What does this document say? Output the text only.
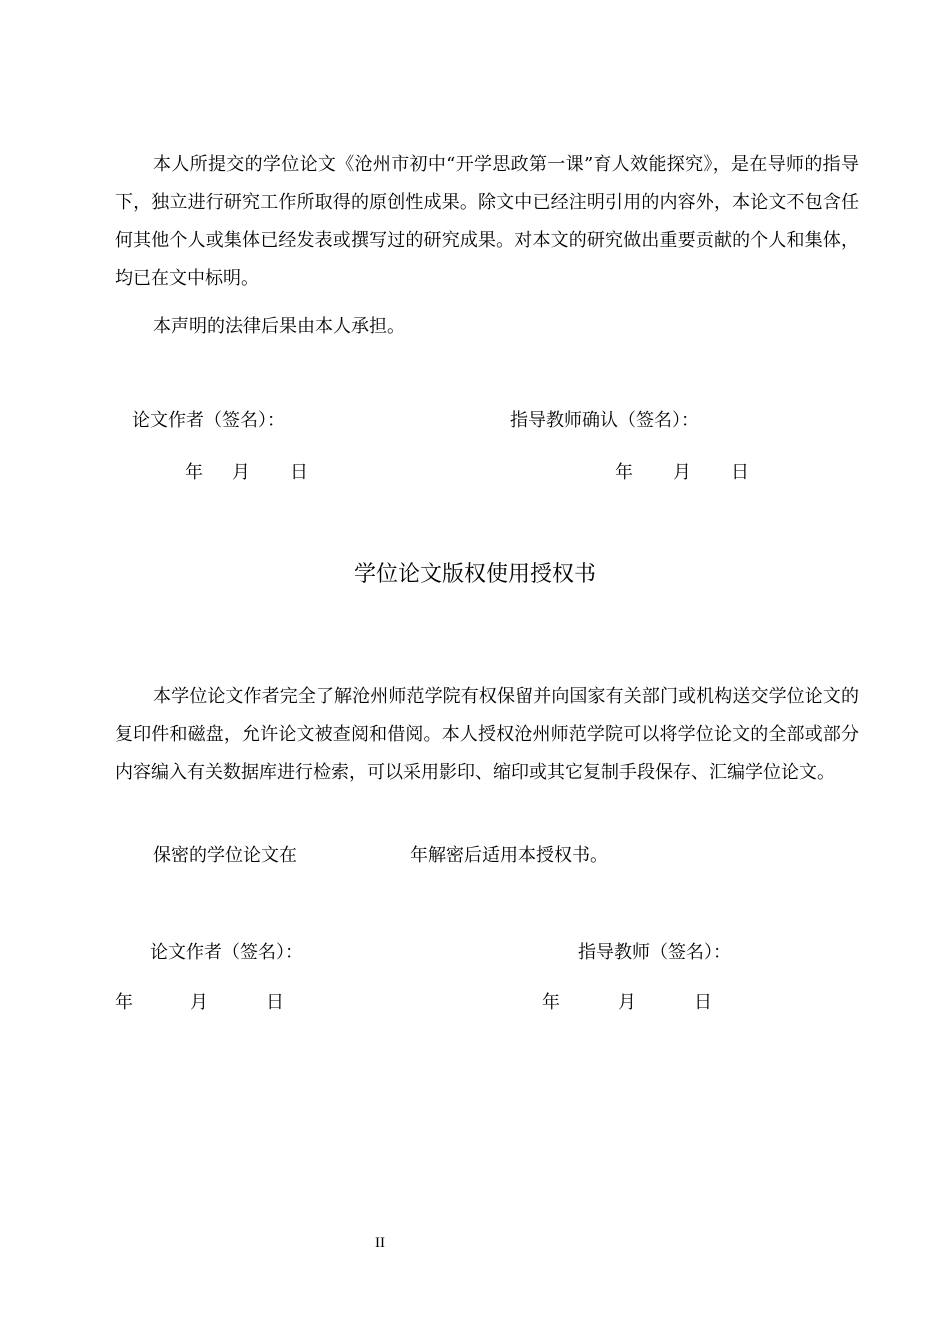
本人所提交的学位论文《沧州市初中“开学思政第一课”育人效能探究》，是在导师的指导下，独立进行研究工作所取得的原创性成果。除文中已经注明引用的内容外，本论文不包含任何其他个人或集体已经发表或撰写过的研究成果。对本文的研究做出重要贡献的个人和集体，均已在文中标明。

本声明的法律后果由本人承担。

论文作者（签名）：	指导教师确认（签名）：
年 月 日	年 月 日
学位论文版权使用授权书

本学位论文作者完全了解沧州师范学院有权保留并向国家有关部门或机构送交学位论文的复印件和磁盘，允许论文被查阅和借阅。本人授权沧州师范学院可以将学位论文的全部或部分内容编入有关数据库进行检索，可以采用影印、缩印或其它复制手段保存、汇编学位论文。

保密的学位论文在	年解密后适用本授权书。
论文作者（签名）：	指导教师（签名）：
年	月	日	年	月	日
II
